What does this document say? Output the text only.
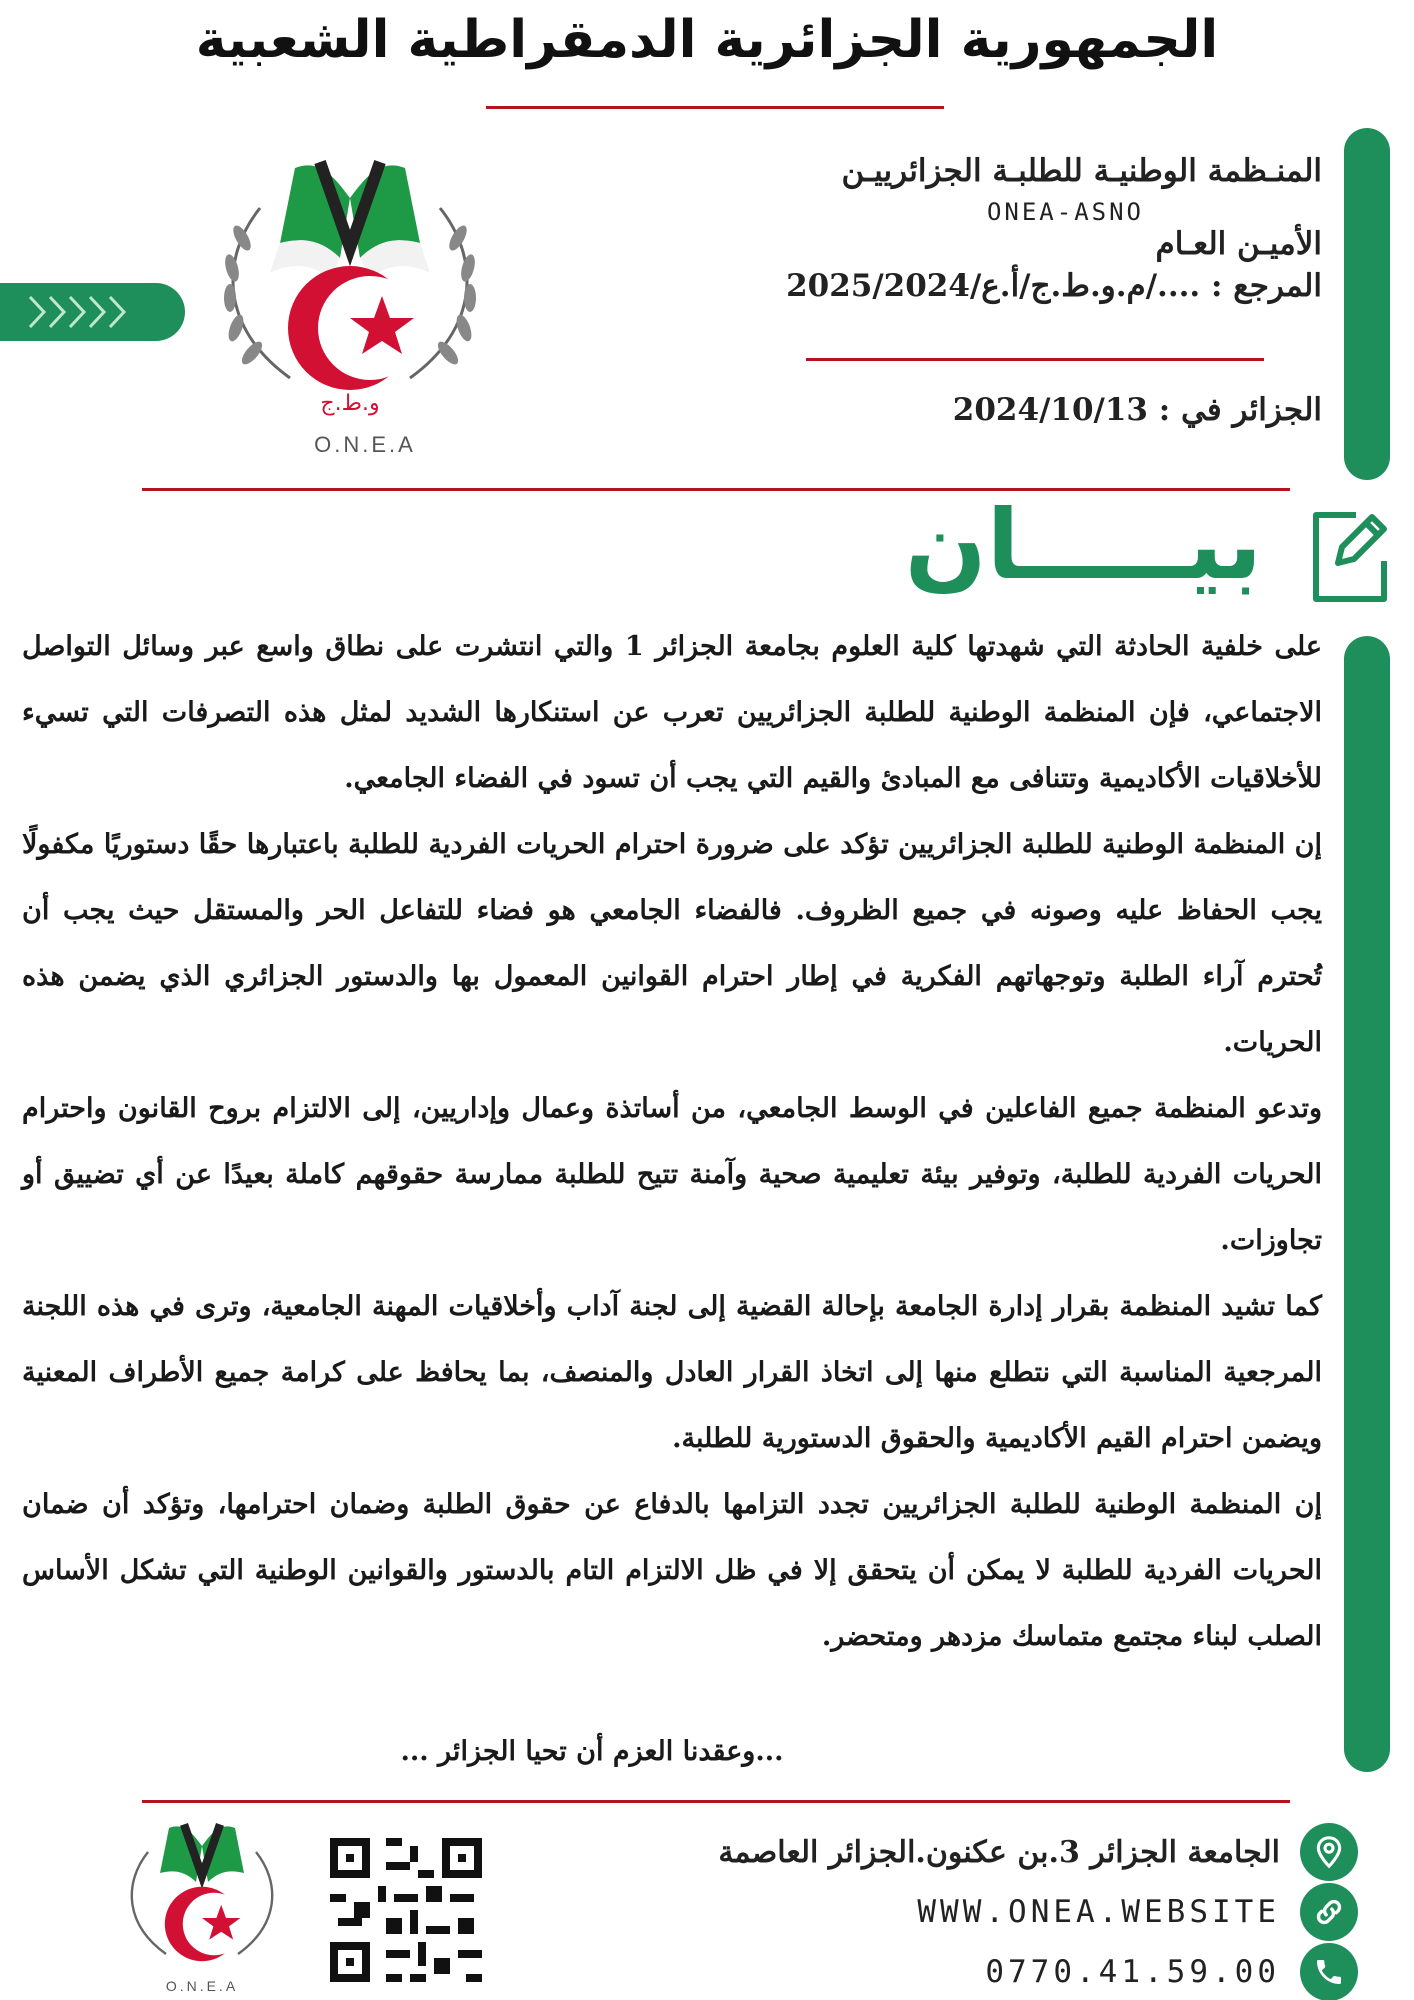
الجمهورية الجزائرية الدمقراطية الشعبية
و.ط.ج
O.N.E.A
المنـظمة الوطنيـة للطلبـة الجزائرييـن
ONEA-ASNO
الأميـن العـام
المرجع : ..../م.و.ط.ج/أ.ع/2025/2024
الجزائر في : 2024/10/13
بيـــــان

على خلفية الحادثة التي شهدتها كلية العلوم بجامعة الجزائر 1 والتي انتشرت على نطاق واسع عبر وسائل التواصل الاجتماعي، فإن المنظمة الوطنية للطلبة الجزائريين تعرب عن استنكارها الشديد لمثل هذه التصرفات التي تسيء للأخلاقيات الأكاديمية وتتنافى مع المبادئ والقيم التي يجب أن تسود في الفضاء الجامعي.

إن المنظمة الوطنية للطلبة الجزائريين تؤكد على ضرورة احترام الحريات الفردية للطلبة باعتبارها حقًا دستوريًا مكفولًا يجب الحفاظ عليه وصونه في جميع الظروف. فالفضاء الجامعي هو فضاء للتفاعل الحر والمستقل حيث يجب أن تُحترم آراء الطلبة وتوجهاتهم الفكرية في إطار احترام القوانين المعمول بها والدستور الجزائري الذي يضمن هذه الحريات.

وتدعو المنظمة جميع الفاعلين في الوسط الجامعي، من أساتذة وعمال وإداريين، إلى الالتزام بروح القانون واحترام الحريات الفردية للطلبة، وتوفير بيئة تعليمية صحية وآمنة تتيح للطلبة ممارسة حقوقهم كاملة بعيدًا عن أي تضييق أو تجاوزات.

كما تشيد المنظمة بقرار إدارة الجامعة بإحالة القضية إلى لجنة آداب وأخلاقيات المهنة الجامعية، وترى في هذه اللجنة المرجعية المناسبة التي نتطلع منها إلى اتخاذ القرار العادل والمنصف، بما يحافظ على كرامة جميع الأطراف المعنية ويضمن احترام القيم الأكاديمية والحقوق الدستورية للطلبة.

إن المنظمة الوطنية للطلبة الجزائريين تجدد التزامها بالدفاع عن حقوق الطلبة وضمان احترامها، وتؤكد أن ضمان الحريات الفردية للطلبة لا يمكن أن يتحقق إلا في ظل الالتزام التام بالدستور والقوانين الوطنية التي تشكل الأساس الصلب لبناء مجتمع متماسك مزدهر ومتحضر.

...وعقدنا العزم أن تحيا الجزائر ...
O.N.E.A
الجامعة الجزائر 3.بن عكنون.الجزائر العاصمة
WWW.ONEA.WEBSITE
0770.41.59.00
